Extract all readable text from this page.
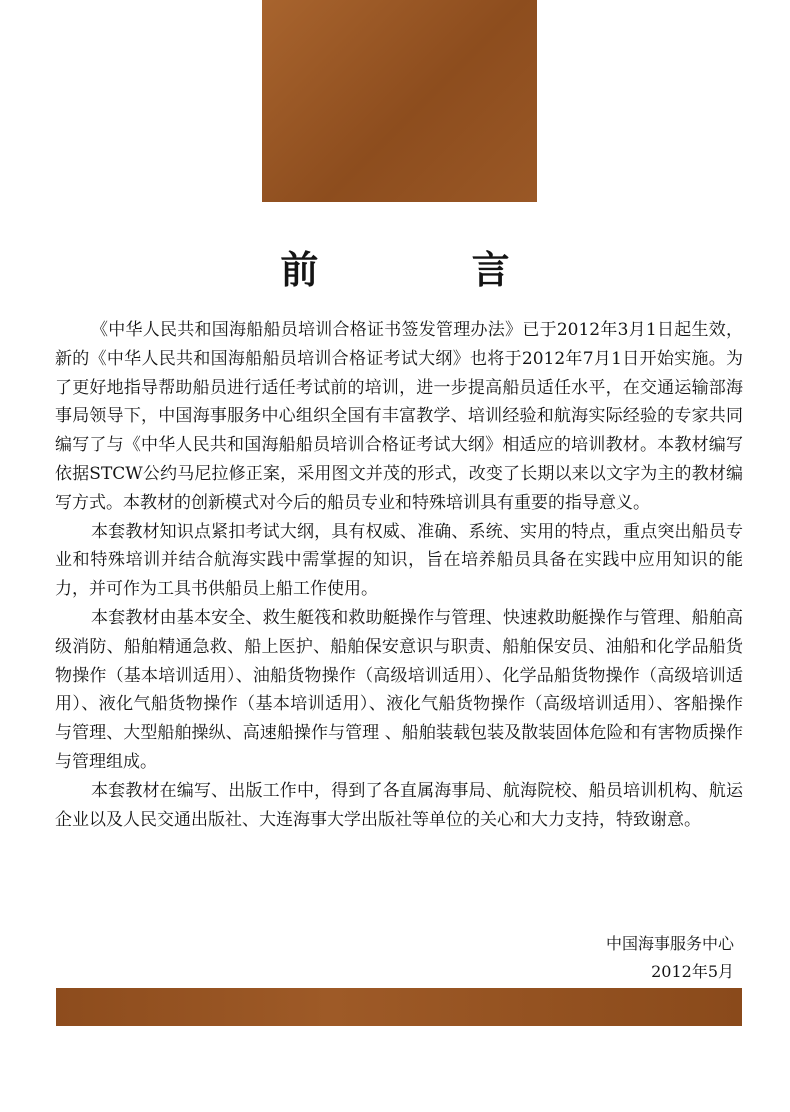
前 言

《中华人民共和国海船船员培训合格证书签发管理办法》已于2012年3月1日起生效，新的《中华人民共和国海船船员培训合格证考试大纲》也将于2012年7月1日开始实施。为了更好地指导帮助船员进行适任考试前的培训，进一步提高船员适任水平，在交通运输部海事局领导下，中国海事服务中心组织全国有丰富教学、培训经验和航海实际经验的专家共同编写了与《中华人民共和国海船船员培训合格证考试大纲》相适应的培训教材。本教材编写依据STCW公约马尼拉修正案，采用图文并茂的形式，改变了长期以来以文字为主的教材编写方式。本教材的创新模式对今后的船员专业和特殊培训具有重要的指导意义。

本套教材知识点紧扣考试大纲，具有权威、准确、系统、实用的特点，重点突出船员专业和特殊培训并结合航海实践中需掌握的知识，旨在培养船员具备在实践中应用知识的能力，并可作为工具书供船员上船工作使用。

本套教材由基本安全、救生艇筏和救助艇操作与管理、快速救助艇操作与管理、船舶高级消防、船舶精通急救、船上医护、船舶保安意识与职责、船舶保安员、油船和化学品船货物操作（基本培训适用）、油船货物操作（高级培训适用）、化学品船货物操作（高级培训适用）、液化气船货物操作（基本培训适用）、液化气船货物操作（高级培训适用）、客船操作与管理、大型船舶操纵、高速船操作与管理 、船舶装载包装及散装固体危险和有害物质操作与管理组成。

本套教材在编写、出版工作中，得到了各直属海事局、航海院校、船员培训机构、航运企业以及人民交通出版社、大连海事大学出版社等单位的关心和大力支持，特致谢意。

中国海事服务中心
2012年5月
